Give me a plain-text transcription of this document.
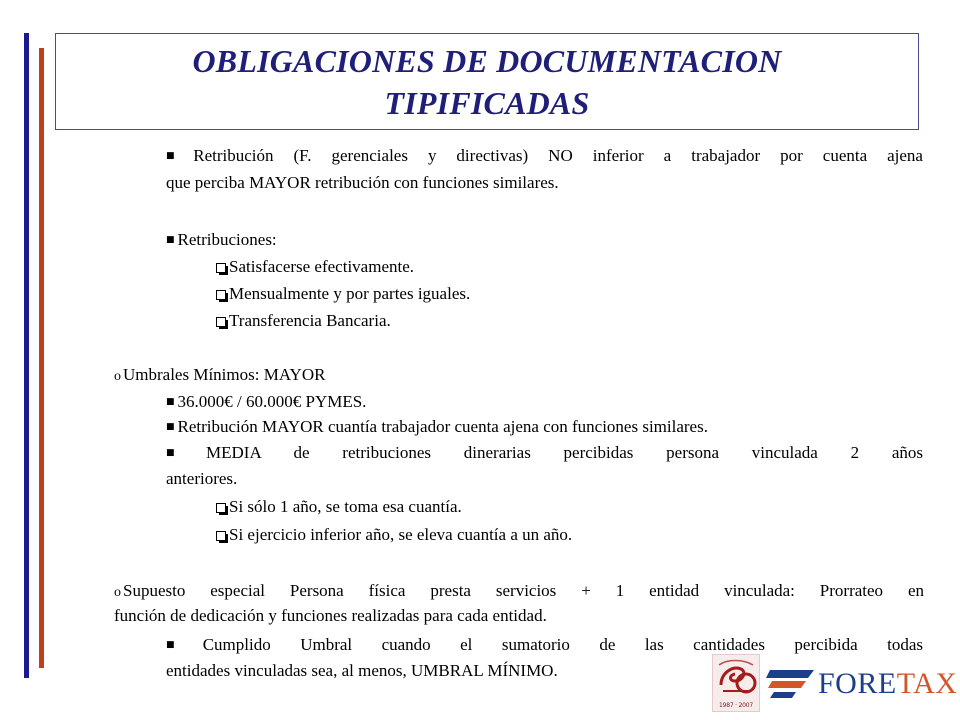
OBLIGACIONES DE DOCUMENTACION
TIPIFICADAS
■ Retribución (F. gerenciales y directivas) NO inferior a trabajador por cuenta ajena
que perciba MAYOR retribución con funciones similares.
■ Retribuciones:
Satisfacerse efectivamente.
Mensualmente y por partes iguales.
Transferencia Bancaria.
o Umbrales Mínimos: MAYOR
■ 36.000€ / 60.000€ PYMES.
■ Retribución MAYOR cuantía trabajador cuenta ajena con funciones similares.
■ MEDIA de retribuciones dinerarias percibidas persona vinculada 2 años
anteriores.
Si sólo 1 año, se toma esa cuantía.
Si ejercicio inferior año, se eleva cuantía a un año.
o Supuesto especial Persona física presta servicios + 1 entidad vinculada: Prorrateo en
función de dedicación y funciones realizadas para cada entidad.
■ Cumplido Umbral cuando el sumatorio de las cantidades percibida todas
entidades vinculadas sea, al menos, UMBRAL MÍNIMO.
1987 · 2007
FORETAX
